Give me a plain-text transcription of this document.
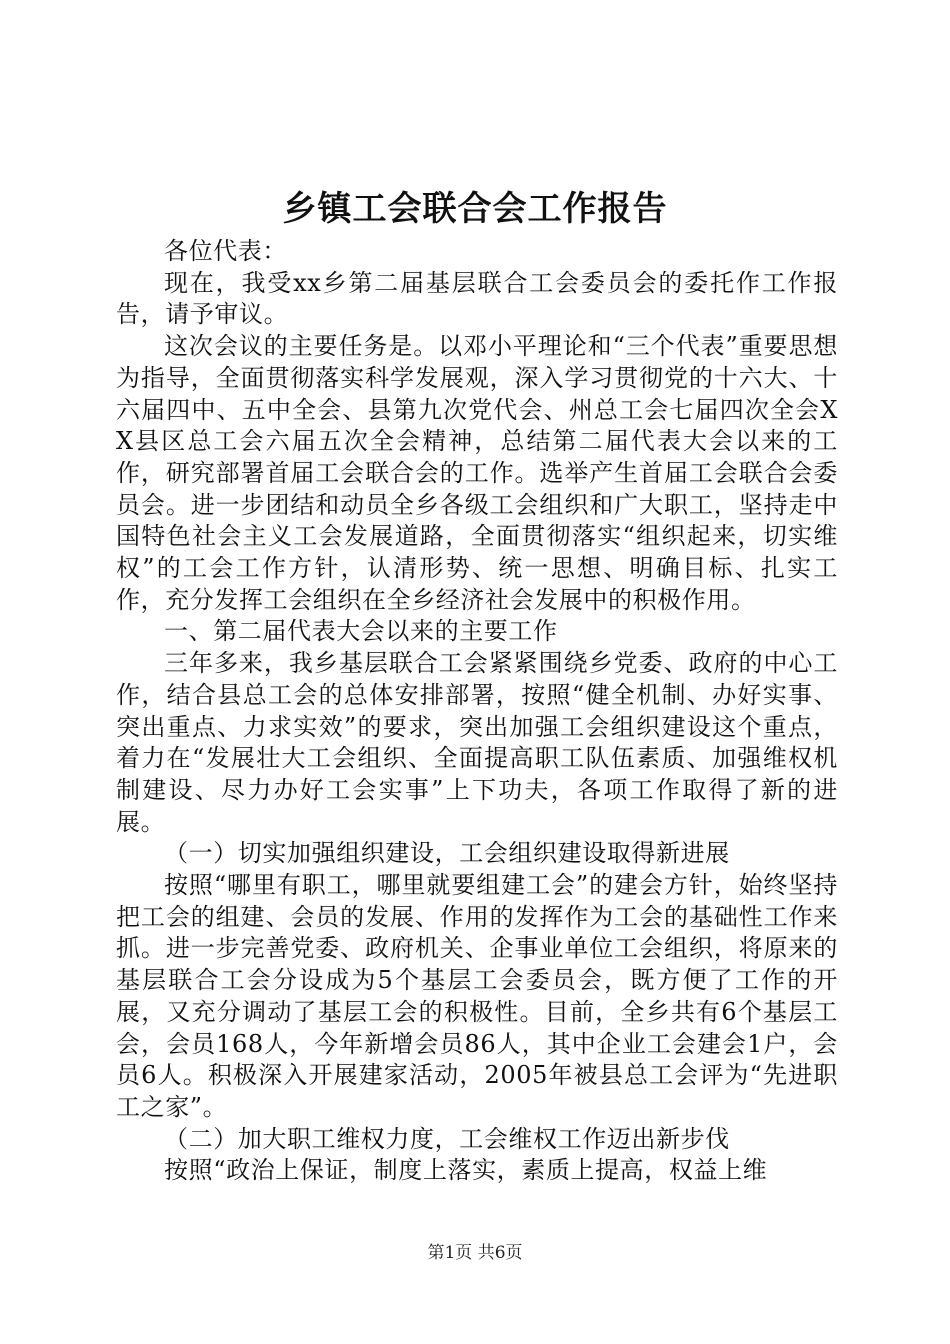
乡镇工会联合会工作报告

各位代表：

现在，我受xx乡第二届基层联合工会委员会的委托作工作报告，请予审议。

这次会议的主要任务是。以邓小平理论和“三个代表”重要思想为指导，全面贯彻落实科学发展观，深入学习贯彻党的十六大、十六届四中、五中全会、县第九次党代会、州总工会七届四次全会XX县区总工会六届五次全会精神，总结第二届代表大会以来的工作，研究部署首届工会联合会的工作。选举产生首届工会联合会委员会。进一步团结和动员全乡各级工会组织和广大职工，坚持走中国特色社会主义工会发展道路，全面贯彻落实“组织起来，切实维权”的工会工作方针，认清形势、统一思想、明确目标、扎实工作，充分发挥工会组织在全乡经济社会发展中的积极作用。

一、第二届代表大会以来的主要工作

三年多来，我乡基层联合工会紧紧围绕乡党委、政府的中心工作，结合县总工会的总体安排部署，按照“健全机制、办好实事、突出重点、力求实效”的要求，突出加强工会组织建设这个重点，着力在“发展壮大工会组织、全面提高职工队伍素质、加强维权机制建设、尽力办好工会实事”上下功夫，各项工作取得了新的进展。

（一）切实加强组织建设，工会组织建设取得新进展

按照“哪里有职工，哪里就要组建工会”的建会方针，始终坚持把工会的组建、会员的发展、作用的发挥作为工会的基础性工作来抓。进一步完善党委、政府机关、企事业单位工会组织，将原来的基层联合工会分设成为5个基层工会委员会，既方便了工作的开展，又充分调动了基层工会的积极性。目前，全乡共有6个基层工会，会员168人，今年新增会员86人，其中企业工会建会1户，会员6人。积极深入开展建家活动，2005年被县总工会评为“先进职工之家”。

（二）加大职工维权力度，工会维权工作迈出新步伐

按照“政治上保证，制度上落实，素质上提高，权益上维

第1页 共6页
